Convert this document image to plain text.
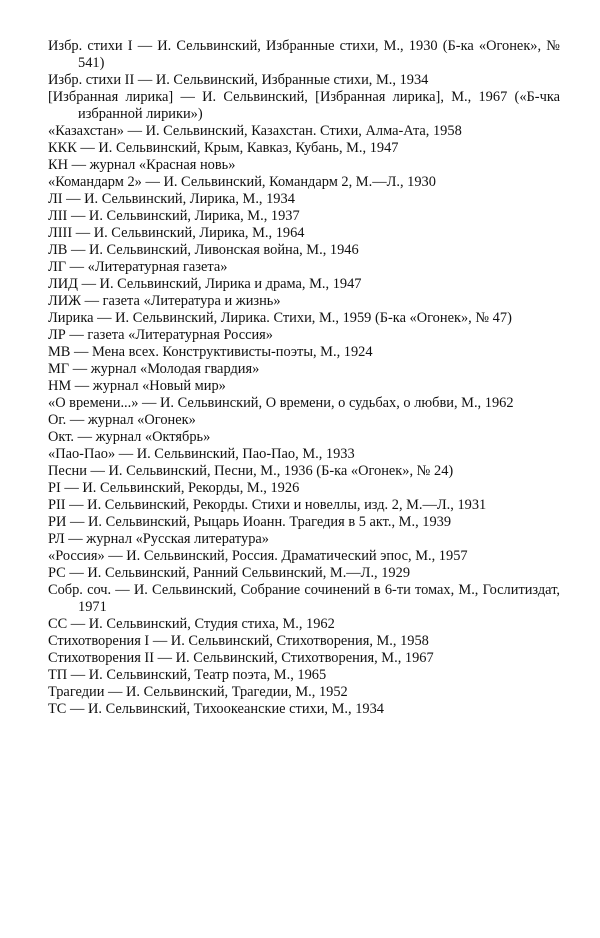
Избр. стихи I — И. Сельвинский, Избранные стихи, М., 1930 (Б-ка «Огонек», № 541)

Избр. стихи II — И. Сельвинский, Избранные стихи, М., 1934

[Избранная лирика] — И. Сельвинский, [Избранная лирика], М., 1967 («Б-чка избранной лирики»)

«Казахстан» — И. Сельвинский, Казахстан. Стихи, Алма-Ата, 1958

ККК — И. Сельвинский, Крым, Кавказ, Кубань, М., 1947

КН — журнал «Красная новь»

«Командарм 2» — И. Сельвинский, Командарм 2, М.—Л., 1930

ЛI — И. Сельвинский, Лирика, М., 1934

ЛII — И. Сельвинский, Лирика, М., 1937

ЛIII — И. Сельвинский, Лирика, М., 1964

ЛВ — И. Сельвинский, Ливонская война, М., 1946

ЛГ — «Литературная газета»

ЛИД — И. Сельвинский, Лирика и драма, М., 1947

ЛИЖ — газета «Литература и жизнь»

Лирика — И. Сельвинский, Лирика. Стихи, М., 1959 (Б-ка «Огонек», № 47)

ЛР — газета «Литературная Россия»

МВ — Мена всех. Конструктивисты-поэты, М., 1924

МГ — журнал «Молодая гвардия»

НМ — журнал «Новый мир»

«О времени...» — И. Сельвинский, О времени, о судьбах, о любви, М., 1962

Ог. — журнал «Огонек»

Окт. — журнал «Октябрь»

«Пао-Пао» — И. Сельвинский, Пао-Пао, М., 1933

Песни — И. Сельвинский, Песни, М., 1936 (Б-ка «Огонек», № 24)

PI — И. Сельвинский, Рекорды, М., 1926

PII — И. Сельвинский, Рекорды. Стихи и новеллы, изд. 2, М.—Л., 1931

РИ — И. Сельвинский, Рыцарь Иоанн. Трагедия в 5 акт., М., 1939

РЛ — журнал «Русская литература»

«Россия» — И. Сельвинский, Россия. Драматический эпос, М., 1957

РС — И. Сельвинский, Ранний Сельвинский, М.—Л., 1929

Собр. соч. — И. Сельвинский, Собрание сочинений в 6-ти томах, М., Гослитиздат, 1971

СС — И. Сельвинский, Студия стиха, М., 1962

Стихотворения I — И. Сельвинский, Стихотворения, М., 1958

Стихотворения II — И. Сельвинский, Стихотворения, М., 1967

ТП — И. Сельвинский, Театр поэта, М., 1965

Трагедии — И. Сельвинский, Трагедии, М., 1952

ТС — И. Сельвинский, Тихоокеанские стихи, М., 1934
